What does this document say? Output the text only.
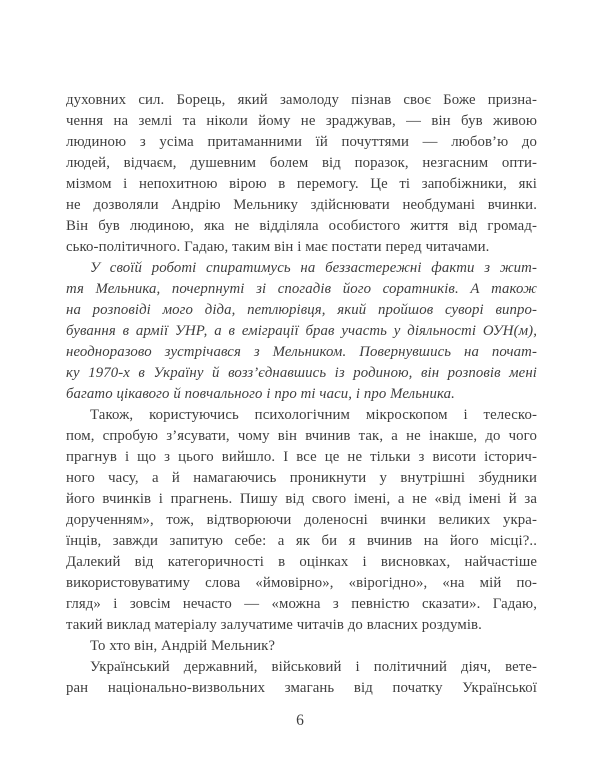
духовних сил. Борець, який замолоду пізнав своє Боже призна-
чення на землі та ніколи йому не зраджував, — він був живою
людиною з усіма притаманними їй почуттями — любов’ю до
людей, відчаєм, душевним болем від поразок, незгасним опти-
мізмом і непохитною вірою в перемогу. Це ті запобіжники, які
не дозволяли Андрію Мельнику здійснювати необдумані вчинки.
Він був людиною, яка не відділяла особистого життя від громад-
сько-політичного. Гадаю, таким він і має постати перед читачами.
У своїй роботі спиратимусь на беззастережні факти з жит-
тя Мельника, почерпнуті зі спогадів його соратників. А також
на розповіді мого діда, петлюрівця, який пройшов суворі випро-
бування в армії УНР, а в еміграції брав участь у діяльності ОУН(м),
неодноразово зустрічався з Мельником. Повернувшись на почат-
ку 1970-х в Україну й возз’єднавшись із родиною, він розповів мені
багато цікавого й повчального і про ті часи, і про Мельника.
Також, користуючись психологічним мікроскопом і телеско-
пом, спробую з’ясувати, чому він вчинив так, а не інакше, до чого
прагнув і що з цього вийшло. І все це не тільки з висоти історич-
ного часу, а й намагаючись проникнути у внутрішні збудники
його вчинків і прагнень. Пишу від свого імені, а не «від імені й за
дорученням», тож, відтворюючи доленосні вчинки великих укра-
їнців, завжди запитую себе: а як би я вчинив на його місці?..
Далекий від категоричності в оцінках і висновках, найчастіше
використовуватиму слова «ймовірно», «вірогідно», «на мій по-
гляд» і зовсім нечасто — «можна з певністю сказати». Гадаю,
такий виклад матеріалу залучатиме читачів до власних роздумів.
То хто він, Андрій Мельник?
Український державний, військовий і політичний діяч, вете-
ран національно-визвольних змагань від початку Української
6
